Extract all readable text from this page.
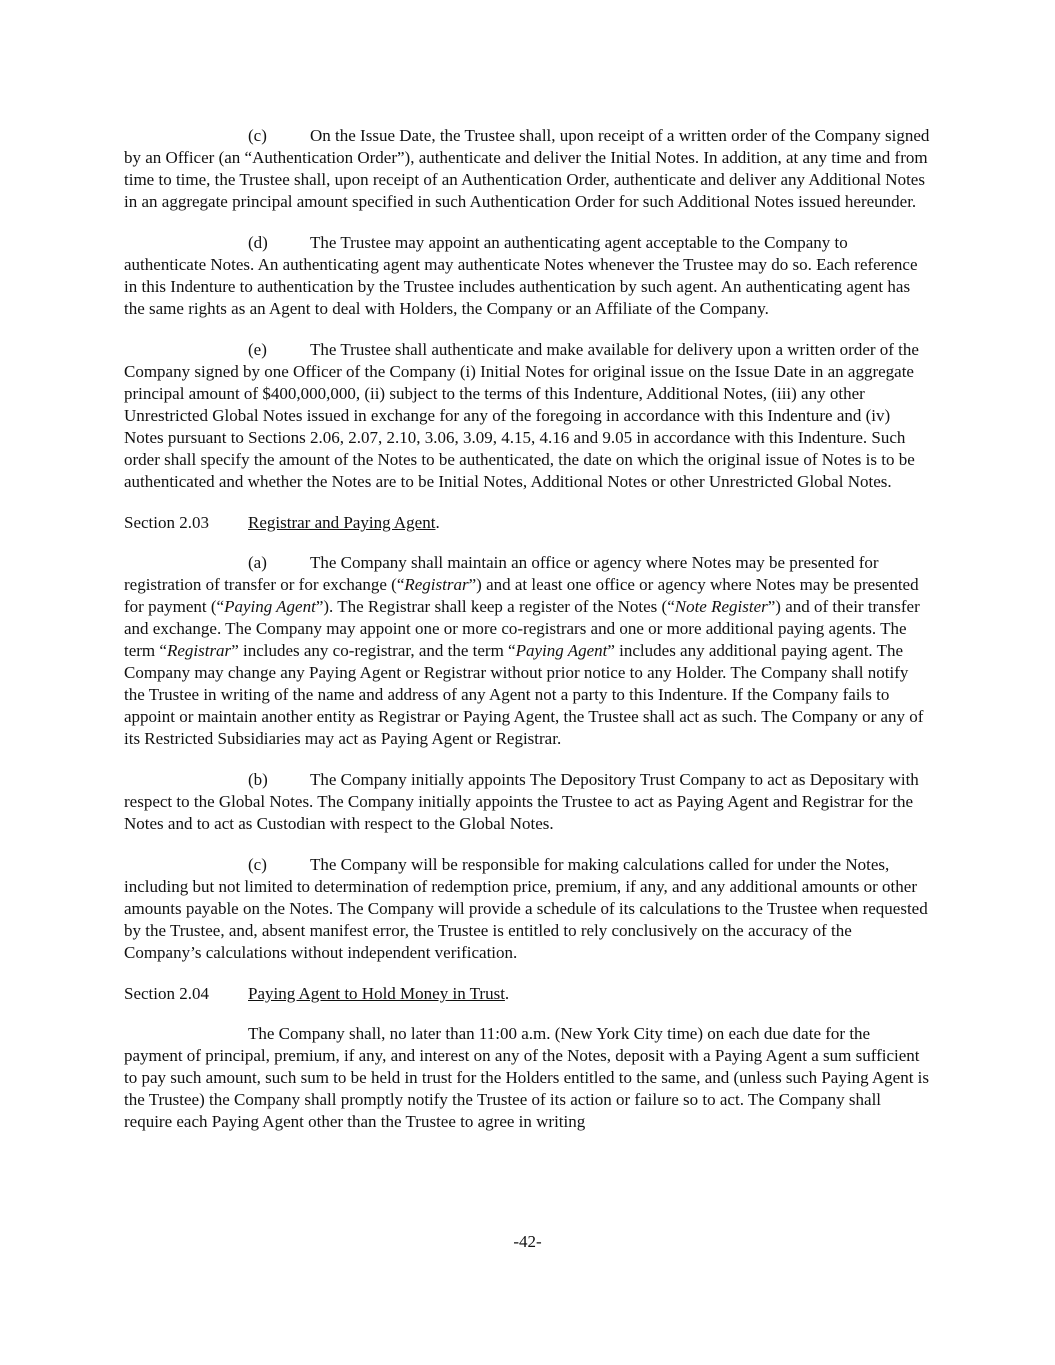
(c)	On the Issue Date, the Trustee shall, upon receipt of a written order of the Company signed by an Officer (an “Authentication Order”), authenticate and deliver the Initial Notes. In addition, at any time and from time to time, the Trustee shall, upon receipt of an Authentication Order, authenticate and deliver any Additional Notes in an aggregate principal amount specified in such Authentication Order for such Additional Notes issued hereunder.

(d) The Trustee may appoint an authenticating agent acceptable to the Company to authenticate Notes. An authenticating agent may authenticate Notes whenever the Trustee may do so. Each reference in this Indenture to authentication by the Trustee includes authentication by such agent. An authenticating agent has the same rights as an Agent to deal with Holders, the Company or an Affiliate of the Company.

(e)	The Trustee shall authenticate and make available for delivery upon a written order of the Company signed by one Officer of the Company (i) Initial Notes for original issue on the Issue Date in an aggregate principal amount of $400,000,000, (ii) subject to the terms of this Indenture, Additional Notes, (iii) any other Unrestricted Global Notes issued in exchange for any of the foregoing in accordance with this Indenture and (iv) Notes pursuant to Sections 2.06, 2.07, 2.10, 3.06, 3.09, 4.15, 4.16 and 9.05 in accordance with this Indenture. Such order shall specify the amount of the Notes to be authenticated, the date on which the original issue of Notes is to be authenticated and whether the Notes are to be Initial Notes, Additional Notes or other Unrestricted Global Notes.

Section 2.03 Registrar and Paying Agent.

(a)	The Company shall maintain an office or agency where Notes may be presented for registration of transfer or for exchange (“Registrar”) and at least one office or agency where Notes may be presented for payment (“Paying Agent”). The Registrar shall keep a register of the Notes (“Note Register”) and of their transfer and exchange. The Company may appoint one or more co-registrars and one or more additional paying agents. The term “Registrar” includes any co-registrar, and the term “Paying Agent” includes any additional paying agent. The Company may change any Paying Agent or Registrar without prior notice to any Holder. The Company shall notify the Trustee in writing of the name and address of any Agent not a party to this Indenture. If the Company fails to appoint or maintain another entity as Registrar or Paying Agent, the Trustee shall act as such. The Company or any of its Restricted Subsidiaries may act as Paying Agent or Registrar.

(b) The Company initially appoints The Depository Trust Company to act as Depositary with respect to the Global Notes. The Company initially appoints the Trustee to act as Paying Agent and Registrar for the Notes and to act as Custodian with respect to the Global Notes.

(c)	The Company will be responsible for making calculations called for under the Notes, including but not limited to determination of redemption price, premium, if any, and any additional amounts or other amounts payable on the Notes. The Company will provide a schedule of its calculations to the Trustee when requested by the Trustee, and, absent manifest error, the Trustee is entitled to rely conclusively on the accuracy of the Company’s calculations without independent verification.

Section 2.04 Paying Agent to Hold Money in Trust.

The Company shall, no later than 11:00 a.m. (New York City time) on each due date for the payment of principal, premium, if any, and interest on any of the Notes, deposit with a Paying Agent a sum sufficient to pay such amount, such sum to be held in trust for the Holders entitled to the same, and (unless such Paying Agent is the Trustee) the Company shall promptly notify the Trustee of its action or failure so to act. The Company shall require each Paying Agent other than the Trustee to agree in writing

-42-
